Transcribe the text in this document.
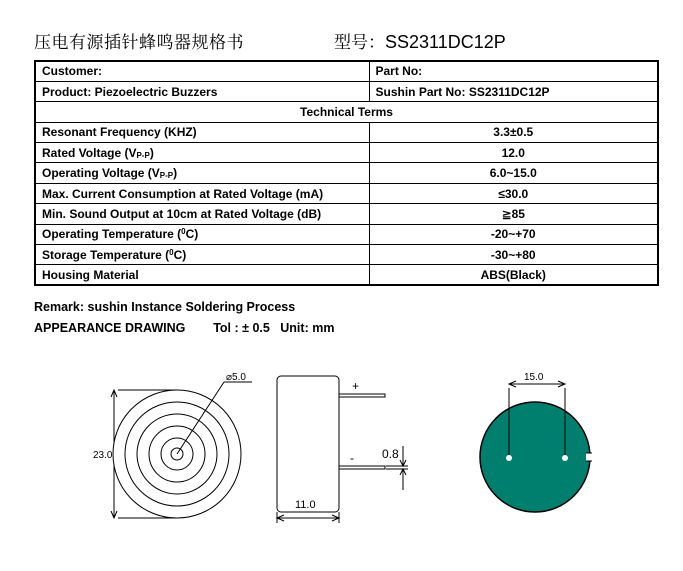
压电有源插针蜂鸣器规格书	型号：SS2311DC12P
Customer:	Part No:
Product: Piezoelectric Buzzers	Sushin Part No: SS2311DC12P
Technical Terms	
Resonant Frequency (KHZ)	3.3±0.5
Rated Voltage $(V_{P-P})$	12.0
Operating Voltage $(V_{P-P})$	6.0~15.0
Max. Current Consumption at Rated Voltage (mA)	≤30.0
Min. Sound Output at 10cm at Rated Voltage (dB)	≧85
Operating Temperature ($^0$C)	-20~+70
Storage Temperature ($^0$C)	-30~+80
Housing Material	ABS(Black)
Remark: sushin Instance Soldering Process
APPEARANCE DRAWING Tol : ± 0.5 Unit: mm
⌀5.0
23.0
+
- 0.8
11.0
15.0
